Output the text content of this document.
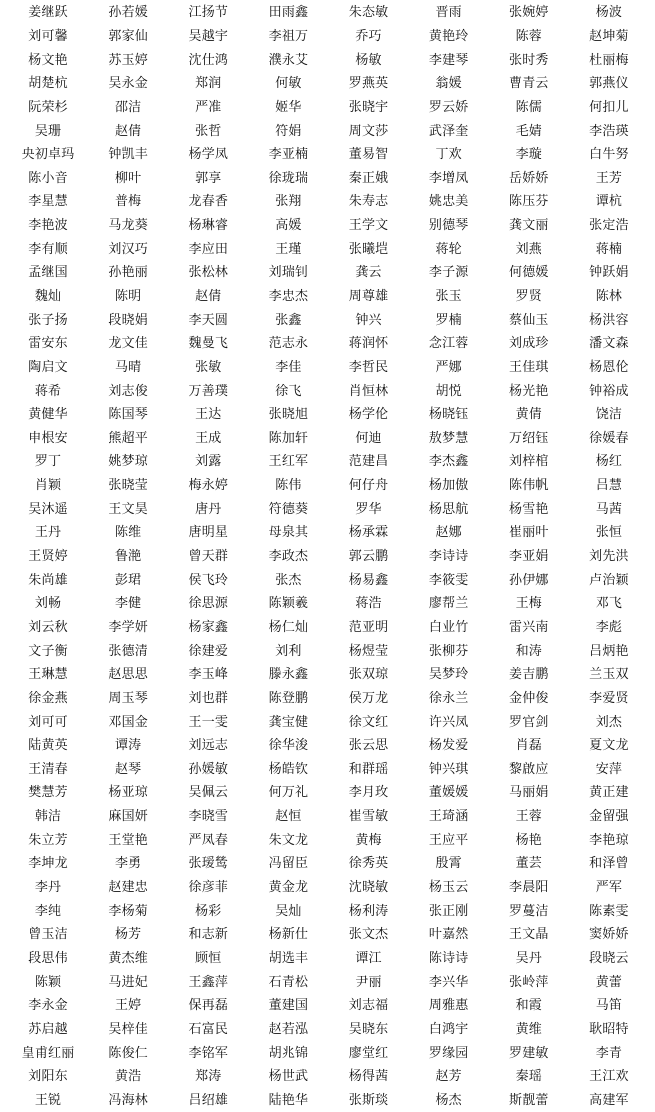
姜继跃	孙若媛	江扬节	田雨鑫	朱态敏	晋雨	张婉婷	杨波
刘可馨	郭家仙	吴越宇	李祖万	乔巧	黄艳玲	陈蓉	赵坤菊
杨文艳	苏玉婷	沈仕鸿	濮永艾	杨敏	李建琴	张时秀	杜丽梅
胡楚杭	吴永金	郑润	何敏	罗燕英	翁媛	曹青云	郭燕仪
阮荣杉	邵洁	严准	姬华	张晓宇	罗云娇	陈儒	何扣儿
吴珊	赵倩	张哲	符娟	周文莎	武泽奎	毛婧	李浩瑛
央初卓玛	钟凯丰	杨学凤	李亚楠	董易智	丁欢	李璇	白牛努
陈小音	柳叶	郭享	徐珑瑞	秦正娥	李增凤	岳娇娇	王芳
李星慧	普梅	龙春香	张翔	朱寿志	姚忠美	陈压芬	谭杭
李艳波	马龙葵	杨琳睿	高媛	王学文	别德琴	龚文丽	张定浩
李有顺	刘汉巧	李应田	王瑾	张曦垲	蒋轮	刘燕	蒋楠
孟继国	孙艳丽	张松林	刘瑞钊	龚云	李子源	何德媛	钟跃娟
魏灿	陈明	赵倩	李忠杰	周尊雄	张玉	罗贤	陈林
张子扬	段晓娟	李天圆	张鑫	钟兴	罗楠	蔡仙玉	杨洪容
雷安东	龙文佳	魏曼飞	范志永	蒋润怀	念江蓉	刘成珍	潘文森
陶启文	马晴	张敏	李佳	李哲民	严娜	王佳琪	杨恩伦
蒋希	刘志俊	万善璞	徐飞	肖恒林	胡悦	杨光艳	钟裕成
黄健华	陈国琴	王达	张晓旭	杨学伦	杨晓钰	黄倩	饶洁
申根安	熊超平	王成	陈加轩	何迪	敖梦慧	万绍钰	徐媛春
罗丁	姚梦琼	刘露	王红军	范建昌	李杰鑫	刘梓棺	杨红
肖颖	张晓莹	梅永婷	陈伟	何仔舟	杨加傲	陈伟帆	吕慧
吴沐遥	王文昊	唐丹	符德葵	罗华	杨思航	杨雪艳	马茜
王丹	陈维	唐明星	母泉其	杨承霖	赵娜	崔丽叶	张恒
王贤婷	鲁滟	曾天群	李政杰	郭云鹏	李诗诗	李亚娟	刘先洪
朱尚雄	彭珺	侯飞玲	张杰	杨易鑫	李筱雯	孙伊娜	卢治颖
刘畅	李健	徐思源	陈颖羲	蒋浩	廖帮兰	王梅	邓飞
刘云秋	李学妍	杨家鑫	杨仁灿	范亚明	白业竹	雷兴南	李彪
文子衡	张德清	徐建爱	刘利	杨煜莹	张柳芬	和涛	吕炳艳
王琳慧	赵思思	李玉峰	滕永鑫	张双琼	吴梦玲	姜吉鹏	兰玉双
徐金燕	周玉琴	刘也群	陈登鹏	侯万龙	徐永兰	金仲俊	李爱贤
刘可可	邓国金	王一雯	龚宝健	徐文红	许兴凤	罗官剑	刘杰
陆黄英	谭涛	刘远志	徐华浚	张云思	杨发爱	肖磊	夏文龙
王清春	赵琴	孙媛敏	杨皓钦	和群瑶	钟兴琪	黎啟应	安萍
樊慧芳	杨亚琼	吴佩云	何万礼	李月玫	董媛媛	马丽娟	黄正建
韩洁	麻国妍	李晓雪	赵恒	崔雪敏	王琦涵	王蓉	金留强
朱立芳	王堂艳	严凤春	朱文龙	黄梅	王应平	杨艳	李艳琼
李坤龙	李勇	张瑷鸶	冯留臣	徐秀英	殷霄	董芸	和泽曾
李丹	赵建忠	徐彦菲	黄金龙	沈晓敏	杨玉云	李晨阳	严军
李纯	李杨菊	杨彩	吴灿	杨利涛	张正刚	罗蔓洁	陈素雯
曾玉洁	杨芳	和志新	杨新仕	张文杰	叶嘉然	王文晶	窦娇娇
段思伟	黄杰维	顾恒	胡选丰	谭江	陈诗诗	吴丹	段晓云
陈颖	马进妃	王鑫萍	石青松	尹丽	李兴华	张岭萍	黄蕾
李永金	王婷	保再磊	董建国	刘志福	周雅惠	和霞	马笛
苏启越	吴梓佳	石富民	赵若泓	吴晓东	白鸿宇	黄维	耿昭特
皇甫红丽	陈俊仁	李铭军	胡兆锦	廖堂红	罗缘园	罗建敏	李青
刘阳东	黄浩	郑涛	杨世武	杨得茜	赵芳	秦瑶	王江欢
王锐	冯海林	吕绍雄	陆艳华	张斯琰	杨杰	斯靓蕾	高建军
